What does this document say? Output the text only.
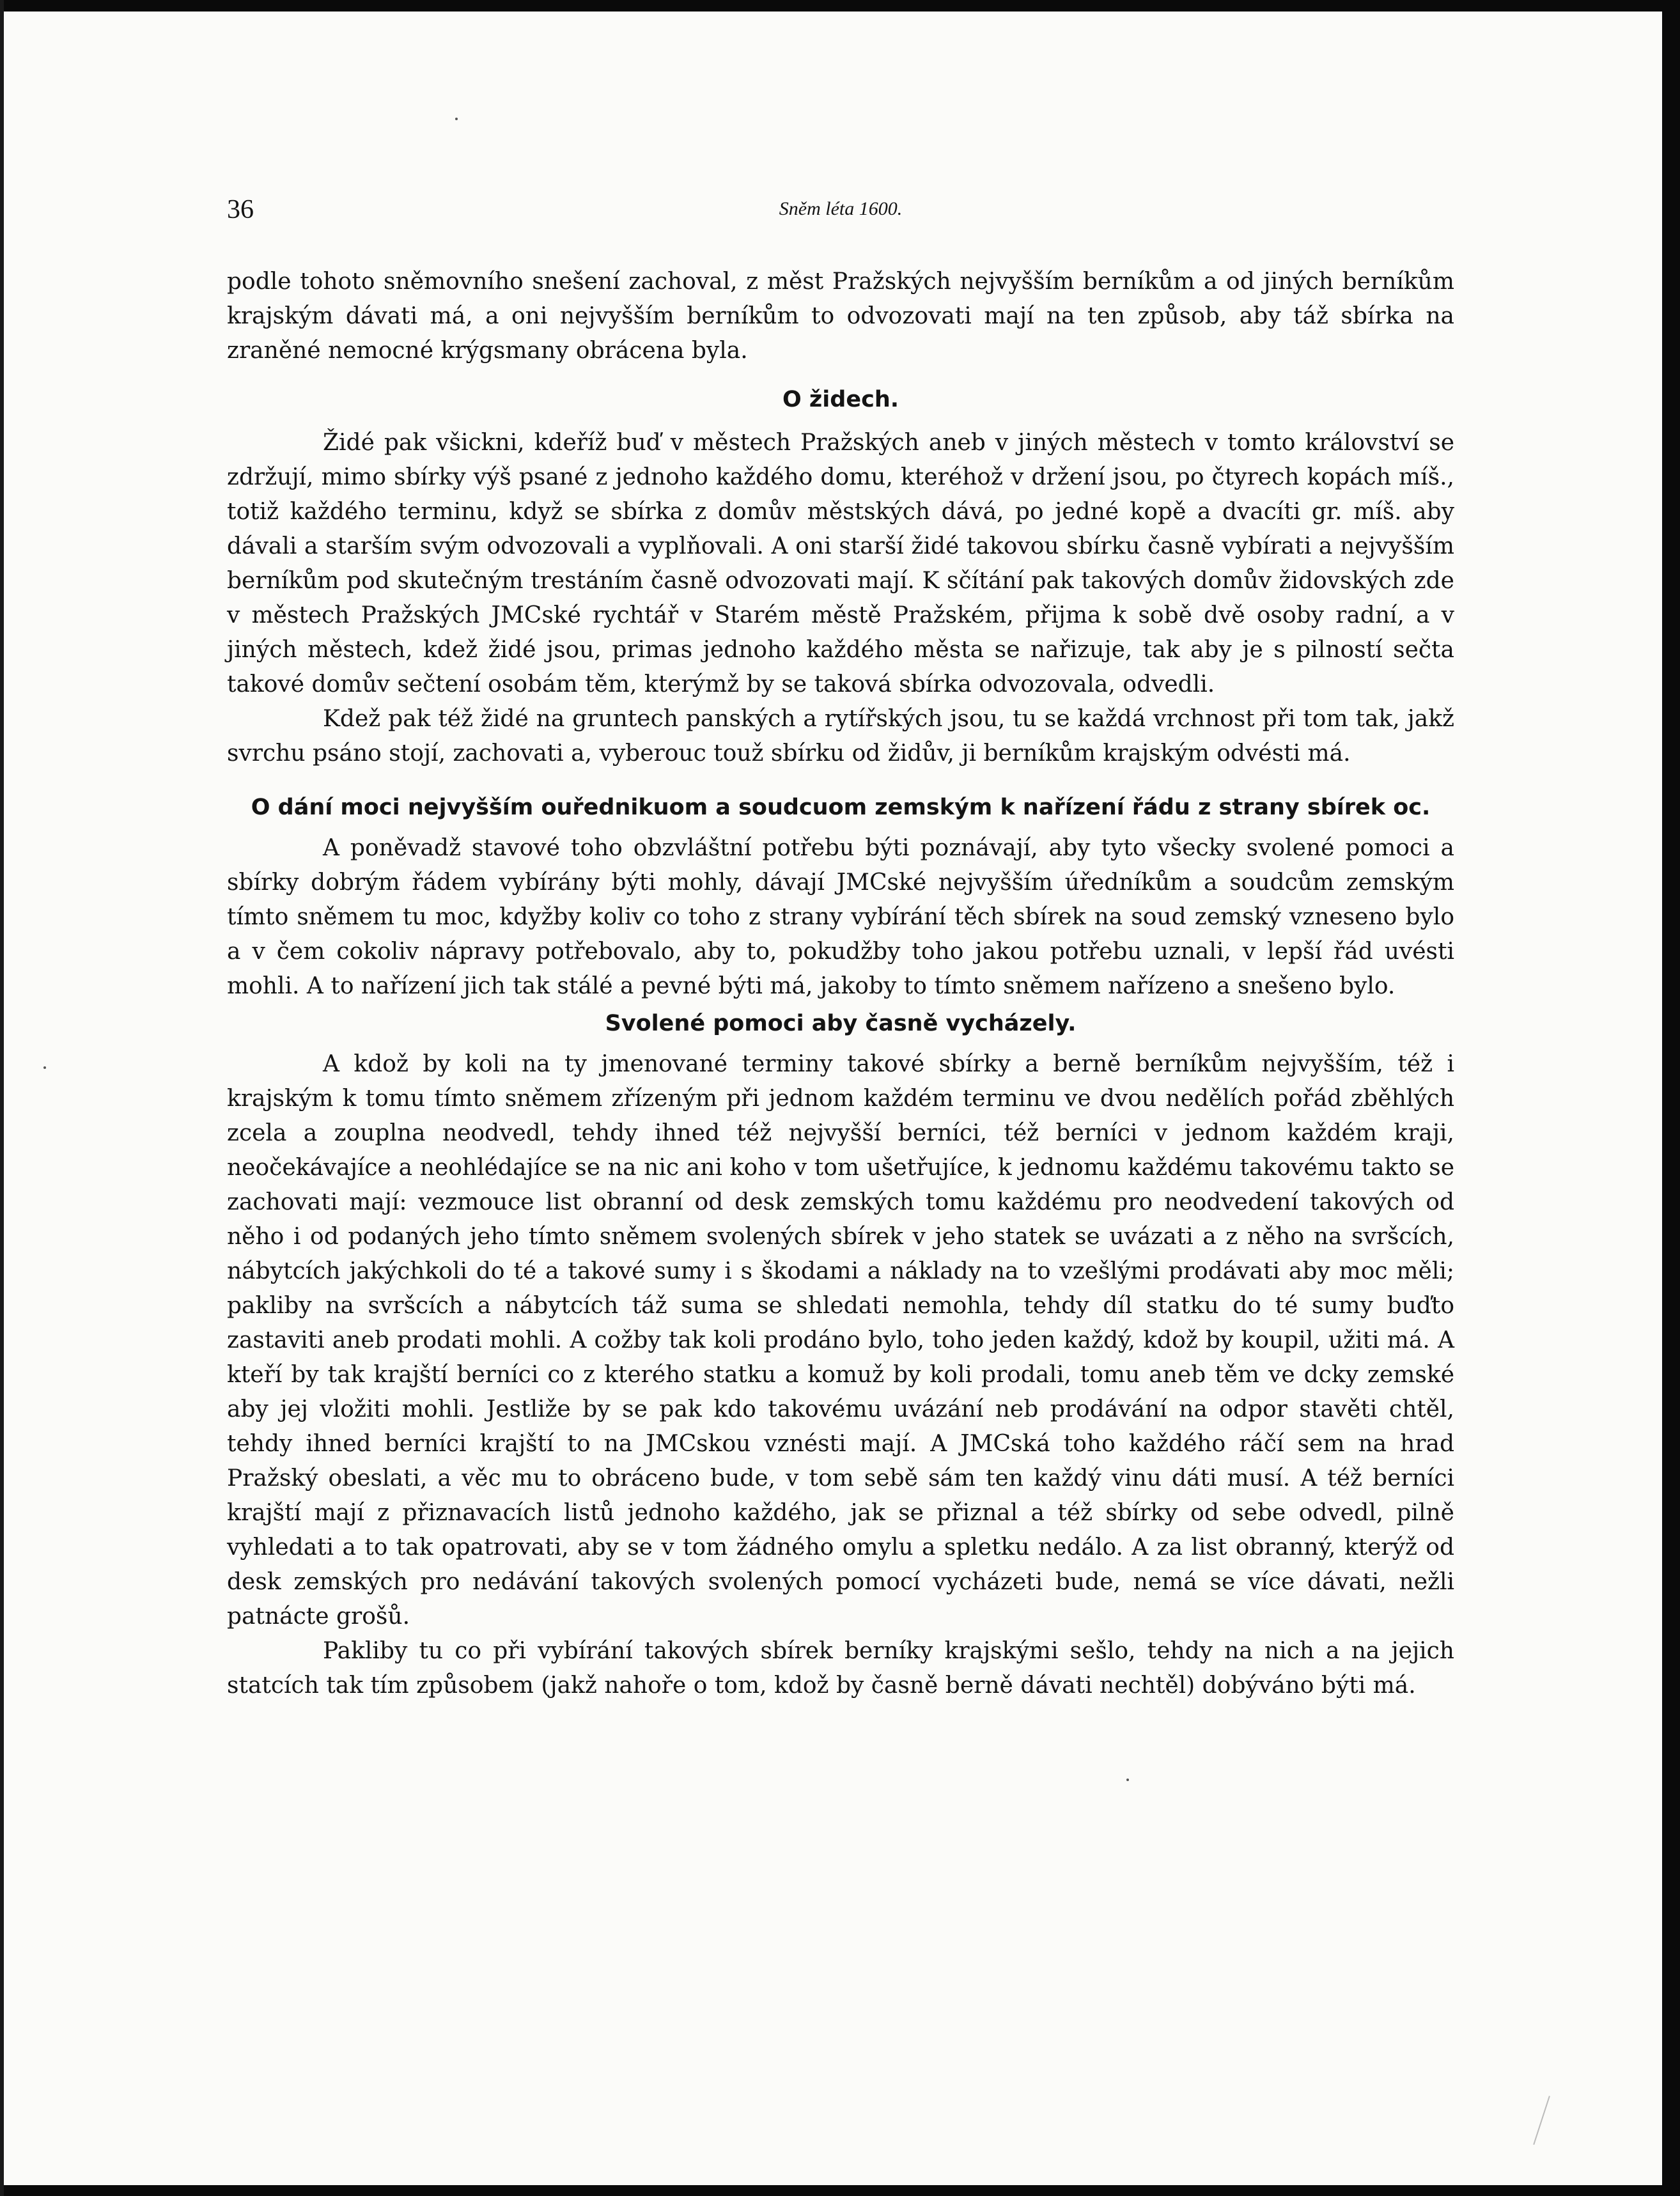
36	Sněm léta 1600.

podle tohoto sněmovního snešení zachoval, z měst Pražských nejvyšším berníkům a od jiných berníkům krajským dávati má, a oni nejvyšším berníkům to odvozovati mají na ten způsob, aby táž sbírka na zraněné nemocné krýgsmany obrácena byla.

O židech.

Židé pak všickni, kdeříž buď v městech Pražských aneb v jiných městech v tomto království se zdržují, mimo sbírky výš psané z jednoho každého domu, kteréhož v držení jsou, po čtyrech kopách míš., totiž každého terminu, když se sbírka z domův městských dává, po jedné kopě a dvacíti gr. míš. aby dávali a starším svým odvozovali a vyplňovali. A oni starší židé takovou sbírku časně vybírati a nejvyšším berníkům pod skutečným trestáním časně odvozovati mají. K sčítání pak takových domův židovských zde v městech Pražských JMCské rychtář v Starém městě Pražském, přijma k sobě dvě osoby radní, a v jiných městech, kdež židé jsou, primas jednoho každého města se nařizuje, tak aby je s pilností sečta takové domův sečtení osobám těm, kterýmž by se taková sbírka odvozovala, odvedli.

Kdež pak též židé na gruntech panských a rytířských jsou, tu se každá vrchnost při tom tak, jakž svrchu psáno stojí, zachovati a, vyberouc touž sbírku od židův, ji berníkům krajským odvésti má.

O dání moci nejvyšším ouřednikuom a soudcuom zemským k nařízení řádu z strany sbírek oc.

A poněvadž stavové toho obzvláštní potřebu býti poznávají, aby tyto všecky svolené pomoci a sbírky dobrým řádem vybírány býti mohly, dávají JMCské nejvyšším úředníkům a soudcům zemským tímto sněmem tu moc, kdyžby koliv co toho z strany vybírání těch sbírek na soud zemský vzneseno bylo a v čem cokoliv nápravy potřebovalo, aby to, pokudžby toho jakou potřebu uznali, v lepší řád uvésti mohli. A to nařízení jich tak stálé a pevné býti má, jakoby to tímto sněmem nařízeno a snešeno bylo.

Svolené pomoci aby časně vycházely.

A kdož by koli na ty jmenované terminy takové sbírky a berně berníkům nejvyšším, též i krajským k tomu tímto sněmem zřízeným při jednom každém terminu ve dvou nedělích pořád zběhlých zcela a zouplna neodvedl, tehdy ihned též nejvyšší berníci, též berníci v jednom každém kraji, neočekávajíce a neohlédajíce se na nic ani koho v tom ušetřujíce, k jednomu každému takovému takto se zachovati mají: vezmouce list obranní od desk zemských tomu každému pro neodvedení takových od něho i od podaných jeho tímto sněmem svolených sbírek v jeho statek se uvázati a z něho na svršcích, nábytcích jakýchkoli do té a takové sumy i s škodami a náklady na to vzešlými prodávati aby moc měli; pakliby na svršcích a nábytcích táž suma se shledati nemohla, tehdy díl statku do té sumy buďto zastaviti aneb prodati mohli. A cožby tak koli prodáno bylo, toho jeden každý, kdož by koupil, užiti má. A kteří by tak krajští berníci co z kterého statku a komuž by koli prodali, tomu aneb těm ve dcky zemské aby jej vložiti mohli. Jestliže by se pak kdo takovému uvázání neb prodávání na odpor stavěti chtěl, tehdy ihned berníci krajští to na JMCskou vznésti mají. A JMCská toho každého ráčí sem na hrad Pražský obeslati, a věc mu to obráceno bude, v tom sebě sám ten každý vinu dáti musí. A též berníci krajští mají z přiznavacích listů jednoho každého, jak se přiznal a též sbírky od sebe odvedl, pilně vyhledati a to tak opatrovati, aby se v tom žádného omylu a spletku nedálo. A za list obranný, kterýž od desk zemských pro nedávání takových svolených pomocí vycházeti bude, nemá se více dávati, nežli patnácte grošů.

Pakliby tu co při vybírání takových sbírek berníky krajskými sešlo, tehdy na nich a na jejich statcích tak tím způsobem (jakž nahoře o tom, kdož by časně berně dávati nechtěl) dobýváno býti má.
